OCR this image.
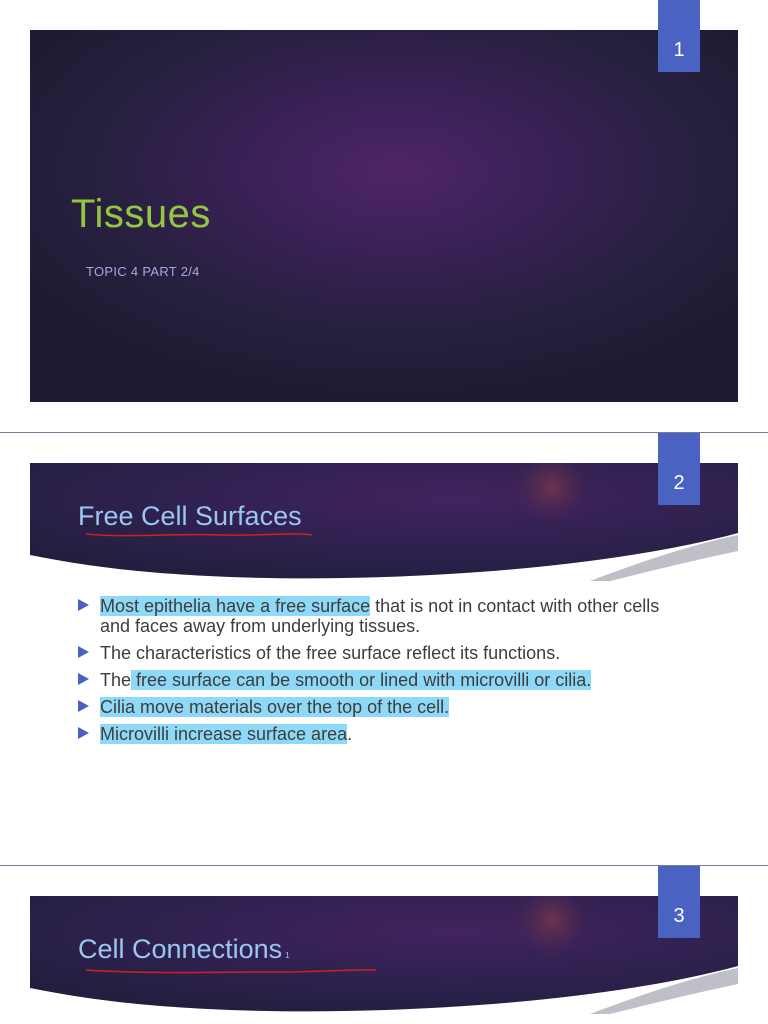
1
Tissues
TOPIC 4 PART 2/4
Free Cell Surfaces
2
Most epithelia have a free surface that is not in contact with other cells and faces away from underlying tissues.
The characteristics of the free surface reflect its functions.
The free surface can be smooth or lined with microvilli or cilia.
Cilia move materials over the top of the cell.
Microvilli increase surface area.
Cell Connections 1
3
